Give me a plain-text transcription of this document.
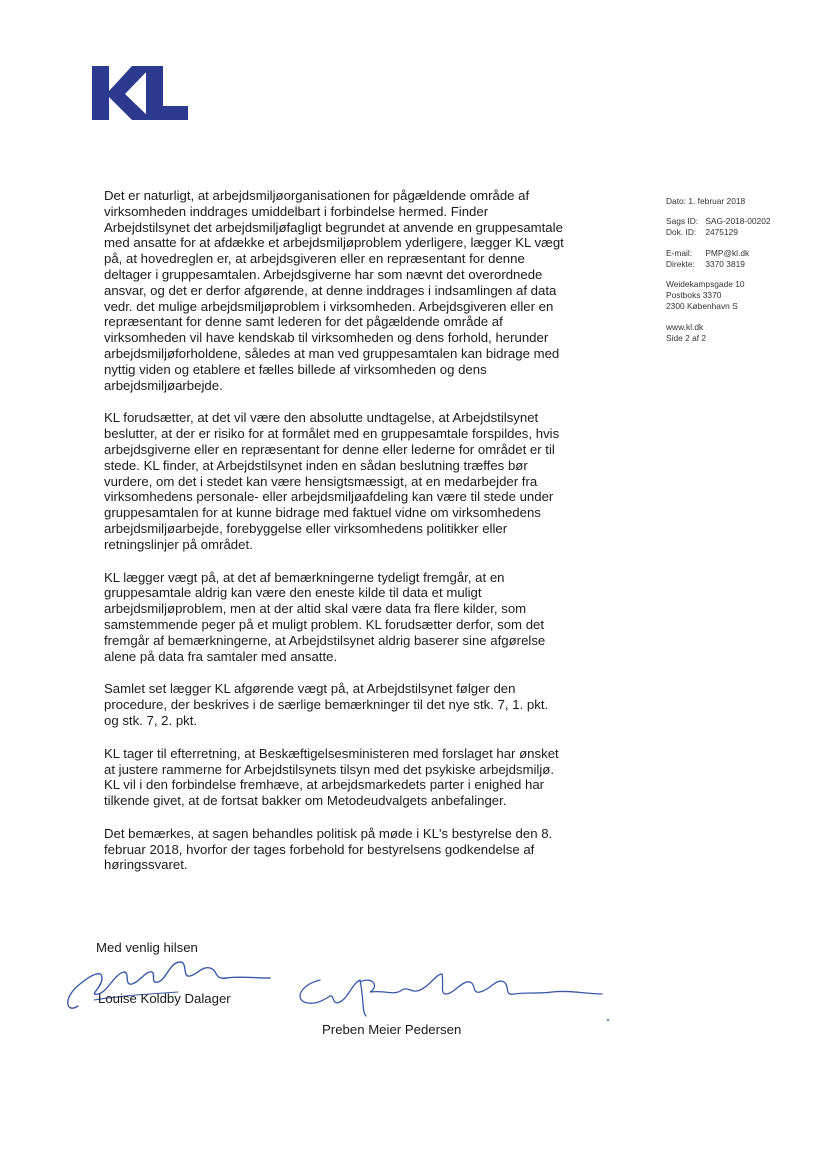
Det er naturligt, at arbejdsmiljøorganisationen for pågældende område af virksomheden inddrages umiddelbart i forbindelse hermed. Finder Arbejdstilsynet det arbejdsmiljøfagligt begrundet at anvende en gruppesamtale med ansatte for at afdække et arbejdsmiljøproblem yderligere, lægger KL vægt på, at hovedreglen er, at arbejdsgiveren eller en repræsentant for denne deltager i gruppesamtalen. Arbejdsgiverne har som nævnt det overordnede ansvar, og det er derfor afgørende, at denne inddrages i indsamlingen af data vedr. det mulige arbejdsmiljøproblem i virksomheden. Arbejdsgiveren eller en repræsentant for denne samt lederen for det pågældende område af virksomheden vil have kendskab til virksomheden og dens forhold, herunder arbejdsmiljøforholdene, således at man ved gruppesamtalen kan bidrage med nyttig viden og etablere et fælles billede af virksomheden og dens arbejdsmiljøarbejde.

KL forudsætter, at det vil være den absolutte undtagelse, at Arbejdstilsynet beslutter, at der er risiko for at formålet med en gruppesamtale forspildes, hvis arbejdsgiverne eller en repræsentant for denne eller lederne for området er til stede. KL finder, at Arbejdstilsynet inden en sådan beslutning træffes bør vurdere, om det i stedet kan være hensigtsmæssigt, at en medarbejder fra virksomhedens personale- eller arbejdsmiljøafdeling kan være til stede under gruppesamtalen for at kunne bidrage med faktuel vidne om virksomhedens arbejdsmiljøarbejde, forebyggelse eller virksomhedens politikker eller retningslinjer på området.

KL lægger vægt på, at det af bemærkningerne tydeligt fremgår, at en gruppesamtale aldrig kan være den eneste kilde til data et muligt arbejdsmiljøproblem, men at der altid skal være data fra flere kilder, som samstemmende peger på et muligt problem. KL forudsætter derfor, som det fremgår af bemærkningerne, at Arbejdstilsynet aldrig baserer sine afgørelse alene på data fra samtaler med ansatte.

Samlet set lægger KL afgørende vægt på, at Arbejdstilsynet følger den procedure, der beskrives i de særlige bemærkninger til det nye stk. 7, 1. pkt. og stk. 7, 2. pkt.

KL tager til efterretning, at Beskæftigelsesministeren med forslaget har ønsket at justere rammerne for Arbejdstilsynets tilsyn med det psykiske arbejdsmiljø. KL vil i den forbindelse fremhæve, at arbejdsmarkedets parter i enighed har tilkende givet, at de fortsat bakker om Metodeudvalgets anbefalinger.

Det bemærkes, at sagen behandles politisk på møde i KL's bestyrelse den 8. februar 2018, hvorfor der tages forbehold for bestyrelsens godkendelse af høringssvaret.

Dato: 1. februar 2018
Sags ID: SAG-2018-00202
Dok. ID: 2475129
E-mail: PMP@kl.dk
Direkte: 3370 3819
Weidekampsgade 10
Postboks 3370
2300 København S
www.kl.dk
Side 2 af 2
Med venlig hilsen
Louise Koldby Dalager
Preben Meier Pedersen
